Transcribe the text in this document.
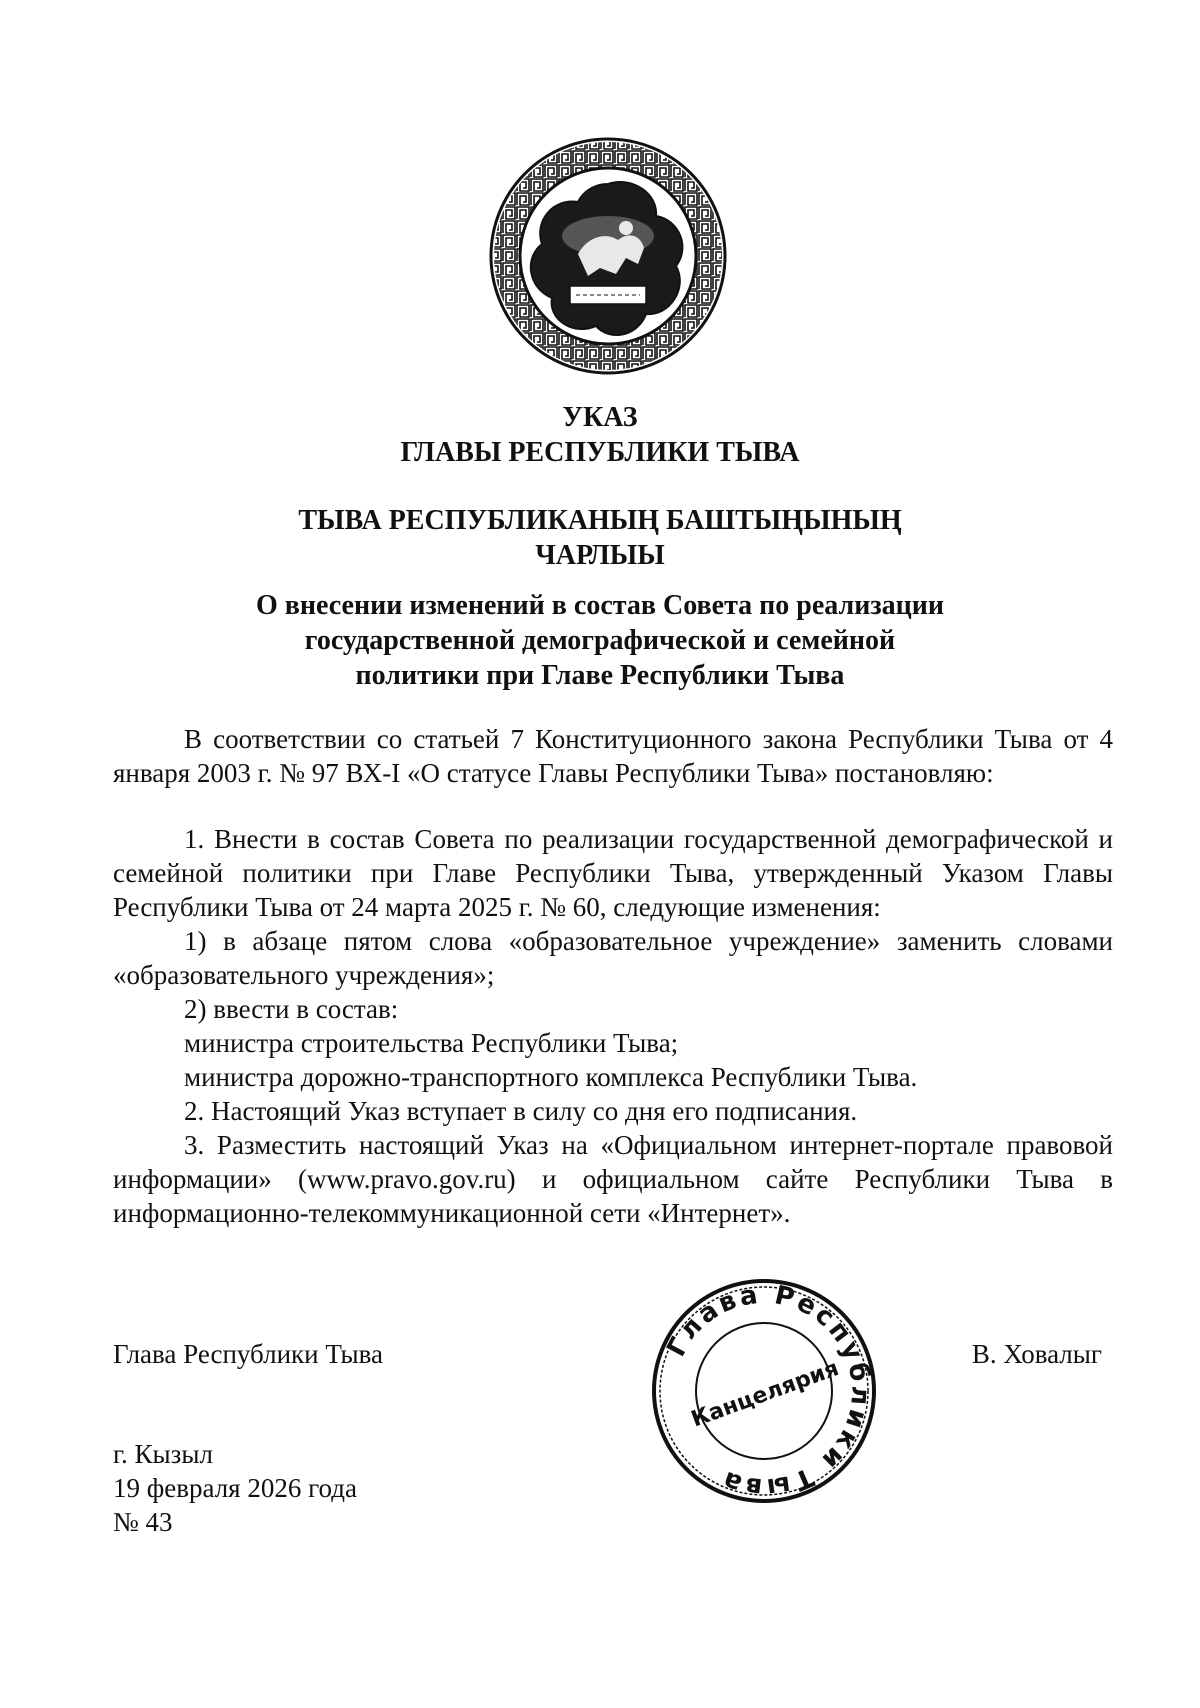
УКАЗ
ГЛАВЫ РЕСПУБЛИКИ ТЫВА
ТЫВА РЕСПУБЛИКАНЫҢ БАШТЫҢЫНЫҢ
ЧАРЛЫЫ
О внесении изменений в состав Совета по реализации
государственной демографической и семейной
политики при Главе Республики Тыва

В соответствии со статьей 7 Конституционного закона Республики Тыва от 4 января 2003 г. № 97 ВХ-I «О статусе Главы Республики Тыва» постановляю:

1. Внести в состав Совета по реализации государственной демографической и семейной политики при Главе Республики Тыва, утвержденный Указом Главы Республики Тыва от 24 марта 2025 г. № 60, следующие изменения:

1) в абзаце пятом слова «образовательное учреждение» заменить словами «образовательного учреждения»;

2) ввести в состав:

министра строительства Республики Тыва;

министра дорожно-транспортного комплекса Республики Тыва.

2. Настоящий Указ вступает в силу со дня его подписания.

3. Разместить настоящий Указ на «Официальном интернет-портале правовой информации» (www.pravo.gov.ru) и официальном сайте Республики Тыва в информационно-телекоммуникационной сети «Интернет».

Глава Республики Тыва	В. Ховалыг
Глава Республики Тыва
Канцелярия
г. Кызыл
19 февраля 2026 года
№ 43
